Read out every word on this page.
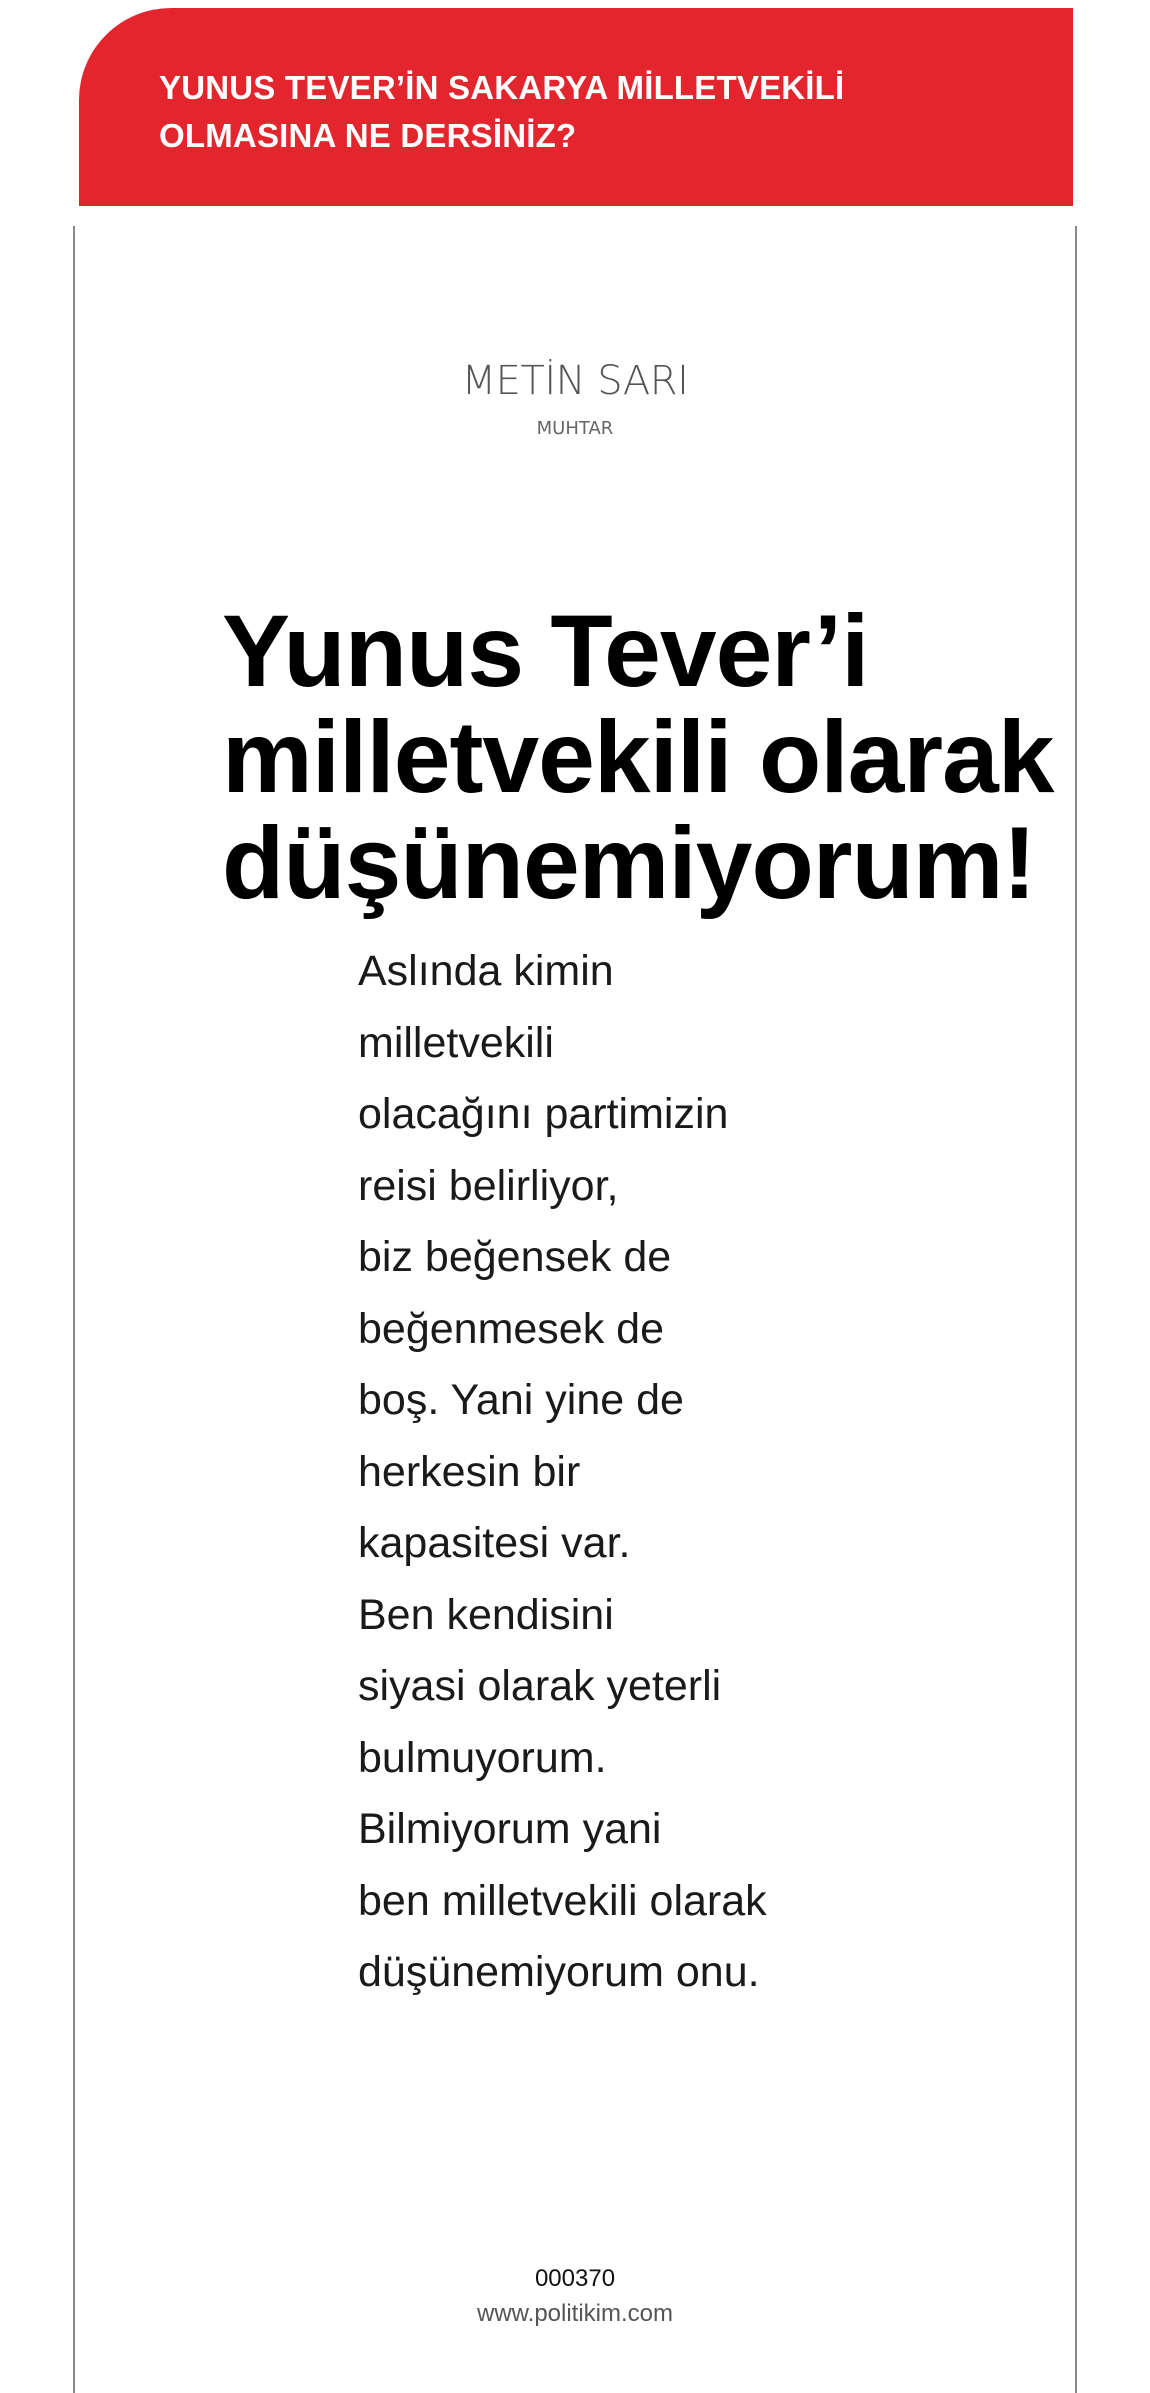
YUNUS TEVER’İN SAKARYA MİLLETVEKİLİ
OLMASINA NE DERSİNİZ?
METİN SARI
MUHTAR
Yunus Tever’i
milletvekili olarak
düşünemiyorum!
Aslında kimin
milletvekili
olacağını partimizin
reisi belirliyor,
biz beğensek de
beğenmesek de
boş. Yani yine de
herkesin bir
kapasitesi var.
Ben kendisini
siyasi olarak yeterli
bulmuyorum.
Bilmiyorum yani
ben milletvekili olarak
düşünemiyorum onu.
000370
www.politikim.com
